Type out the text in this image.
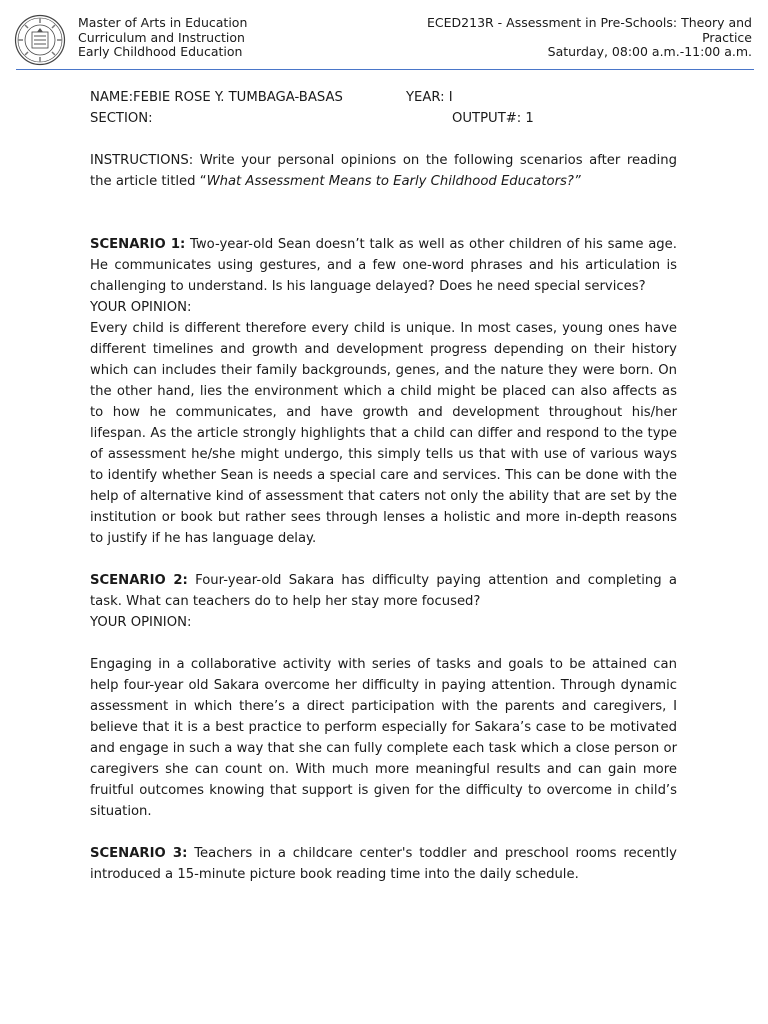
Master of Arts in Education
Curriculum and Instruction
Early Childhood Education
ECED213R - Assessment in Pre-Schools: Theory and
Practice
Saturday, 08:00 a.m.-11:00 a.m.
NAME:FEBIE ROSE Y. TUMBAGA-BASAS	YEAR: I
SECTION:	OUTPUT#: 1

INSTRUCTIONS: Write your personal opinions on the following scenarios after reading the article titled “What Assessment Means to Early Childhood Educators?”

SCENARIO 1: Two-year-old Sean doesn’t talk as well as other children of his same age. He communicates using gestures, and a few one-word phrases and his articulation is challenging to understand. Is his language delayed? Does he need special services?

YOUR OPINION:

Every child is different therefore every child is unique. In most cases, young ones have different timelines and growth and development progress depending on their history which can includes their family backgrounds, genes, and the nature they were born. On the other hand, lies the environment which a child might be placed can also affects as to how he communicates, and have growth and development throughout his/her lifespan. As the article strongly highlights that a child can differ and respond to the type of assessment he/she might undergo, this simply tells us that with use of various ways to identify whether Sean is needs a special care and services. This can be done with the help of alternative kind of assessment that caters not only the ability that are set by the institution or book but rather sees through lenses a holistic and more in-depth reasons to justify if he has language delay.

SCENARIO 2: Four-year-old Sakara has difficulty paying attention and completing a task. What can teachers do to help her stay more focused?

YOUR OPINION:

Engaging in a collaborative activity with series of tasks and goals to be attained can help four-year old Sakara overcome her difficulty in paying attention. Through dynamic assessment in which there’s a direct participation with the parents and caregivers, I believe that it is a best practice to perform especially for Sakara’s case to be motivated and engage in such a way that she can fully complete each task which a close person or caregivers she can count on. With much more meaningful results and can gain more fruitful outcomes knowing that support is given for the difficulty to overcome in child’s situation.

SCENARIO 3: Teachers in a childcare center's toddler and preschool rooms recently introduced a 15-minute picture book reading time into the daily schedule.
